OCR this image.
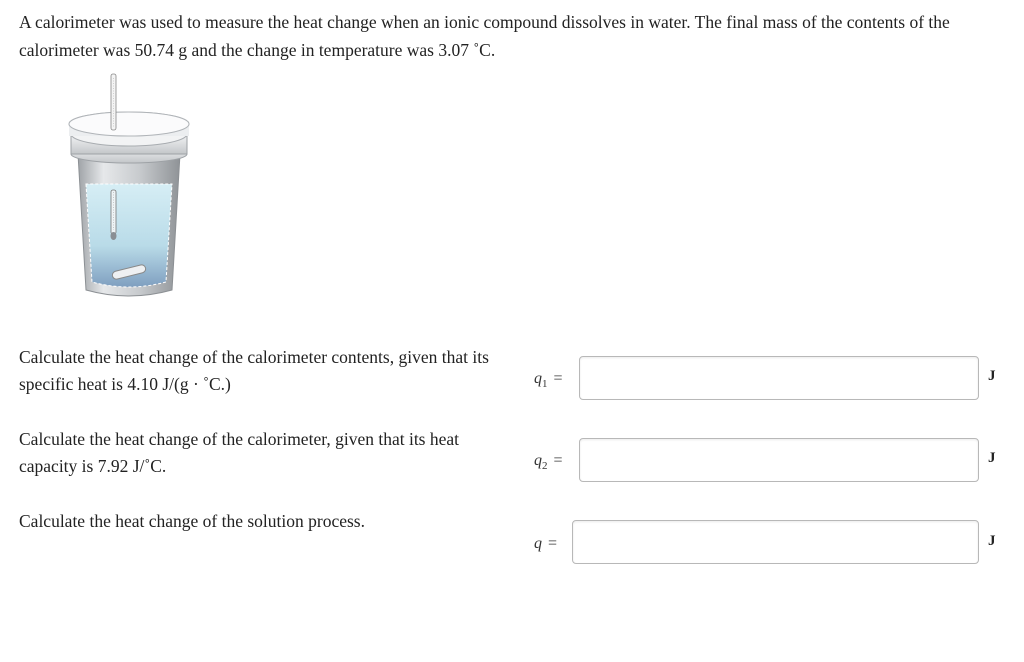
A calorimeter was used to measure the heat change when an ionic compound dissolves in water. The final mass of the contents of the calorimeter was 50.74 g and the change in temperature was 3.07 ˚C.

Calculate the heat change of the calorimeter contents, given that its specific heat is 4.10 J/(g · ˚C.)	$q_1$ =	J

Calculate the heat change of the calorimeter, given that its heat capacity is 7.92 J/˚C.	$q_2$ =	J

Calculate the heat change of the solution process.

q =	J
